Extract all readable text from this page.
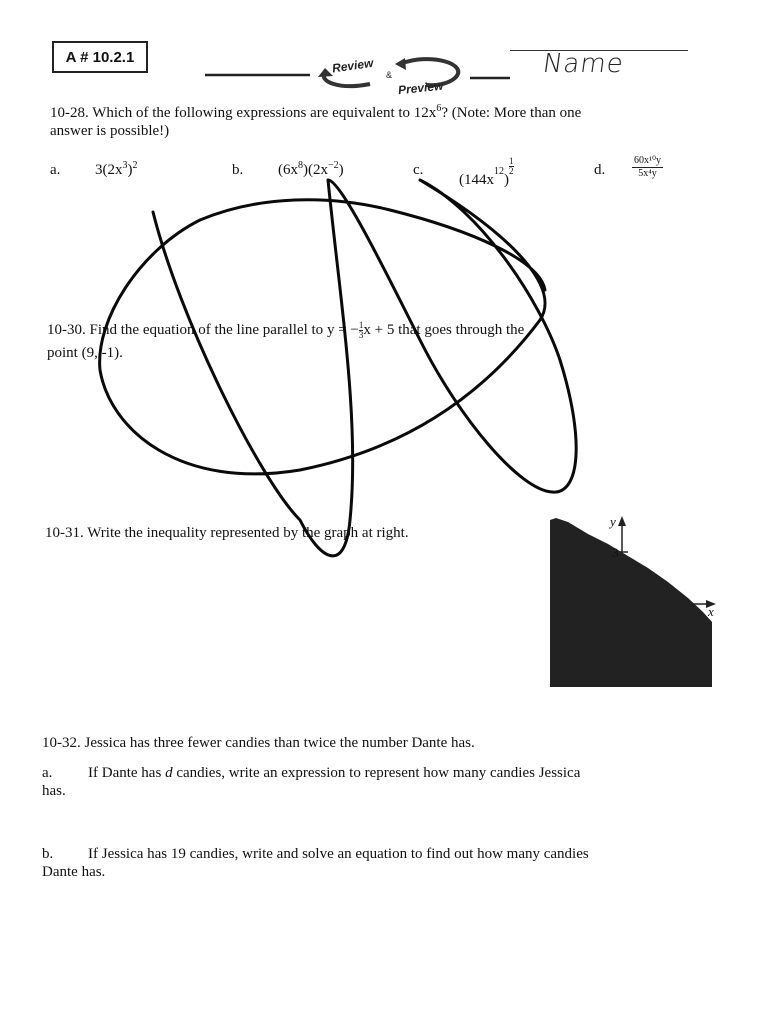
A # 10.2.1	Review &
Preview
Name
10-28. Which of the following expressions are equivalent to $12x^6$? (Note: More than one
answer is possible!)
a. $3(2x^3)^2$	b. $(6x^8)(2x^{-2})$	c.
$(144x^{12})$
$\frac{1}{2}$	d.	$\frac{\text{60x¹⁰y}}{\text{5x⁴y}}$
10-30. Find the equation of the line parallel to y = − $\frac{1}{3}$ x + 5 that goes through the
point (9, -1).
10-31. Write the inequality represented by the graph at right.
y
x
3
10-32. Jessica has three fewer candies than twice the number Dante has.
a. If Dante has d candies, write an expression to represent how many candies Jessica
has.
b. If Jessica has 19 candies, write and solve an equation to find out how many candies
Dante has.
